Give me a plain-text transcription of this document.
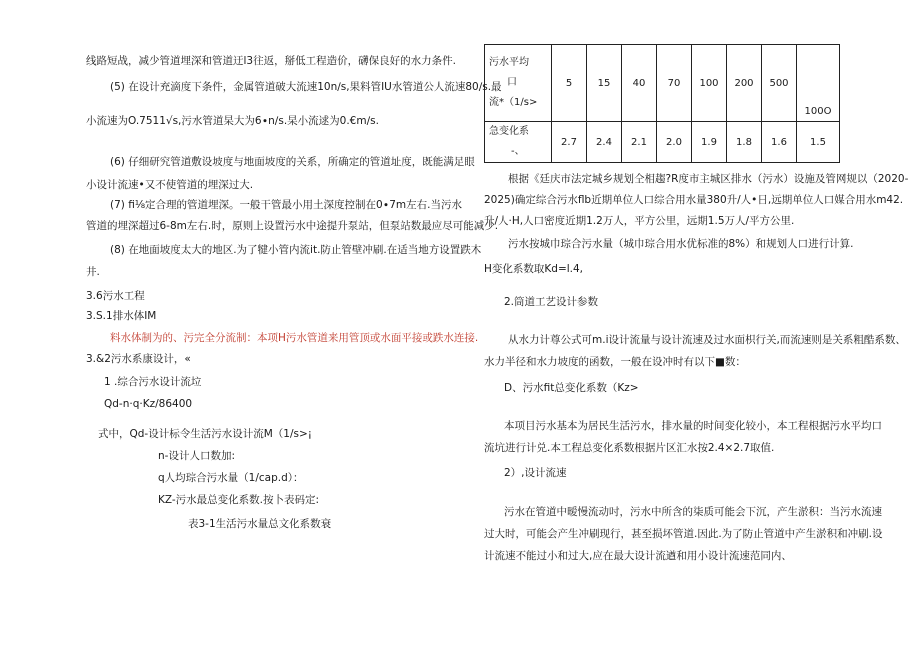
线路短战，减少管道埋深和管道迂l3往返，掰低工程造价，礴保良好的水力条件.
(5) 在设计充滴度下条件，金属管道破大流速10n∕s,果料管IU水管道公人流速80∕s.最
小流速为O.7511√s,污水管道杲大为6∙n∕s.杲小流逑为0.€m∕s.
(6) 仔细研究管道敷设坡度与地面坡度的关系，所确定的管道址度，既能满足眼
小设计流速•又不使管道的埋深过大.
(7) fi⅛定合理的管道埋深。一般干管最小用土深度控制在0∙7m左右.当污水
管道的埋深超过6-8m左右.时，原则上设置污水中途提升泵站，但泵站数最应尽可能减少.
(8) 在地面坡度太大的地区.为了犍小管内流it.防止管壁冲刷.在适当地方设置跌木
井.
3.6污水工程
3.S.1排水体IM
料水体制为的、污完全分流制：本项H污水管道来用管顶或水面平接或跌水连接.
3.&2污水系康设计，«
1 .综合污水设计流垃
Qd-n·q·Kz/86400
式中，Qd-设计标令生活污水设计流M（1/s>¡
n-设计人口数加:
q人均琮合污水量（1/cap.d）：
KZ-污水最总变化系数.按卜表码定:
表3-1生活污水量总文化系数衰
污水平均
口
流*（1∕s>	5	15	40	70	100	200	500	100O

急变化系
-、	2.7	2.4	2.1	2.0	1.9	1.8	1.6	1.5
根据《廷庆市法定城乡规划仝相趨?R度市主城区排水（污水）设施及管网规以（2020-
2025)确定综合污水flb近期单位人口综合用水量380升/人•日,远期单位人口媒合用水m42.
升/人·H,人口密度近期1.2万人，平方公里，远期1.5万人/平方公里.
污水按城巾琮合污水量（城巾琮合用水优标准的8%）和规划人口进行计算.
H变化系数取Kd=l.4,
2.筒道工艺设计参数
从水力计尊公式可m.i设计流量与设计流速及过水面枳行关,而流速则是关系粗酷系数、
水力半径和水力坡度的函数，一般在设冲时有以下■数：
D、污水fit总变化系数（Kz>
本项目污水基本为居民生活污水，排水量的时间变化较小，本工程根据污水平均口
流坑进行计兑.本工程总变化系数根据片区汇水按2.4×2.7取值.
2）,设计流速
污水在管道中暧慢流动吋，污水中所含的柒质可能会下沉，产生淤积：当污水流速
过大时，可能会产生冲刷现行，甚至损坏管道.因此.为了防止管道中产生淤积和冲刷.设
计流速不能过小和过大,应在最大设计流遒和用小设计流速范同内、
